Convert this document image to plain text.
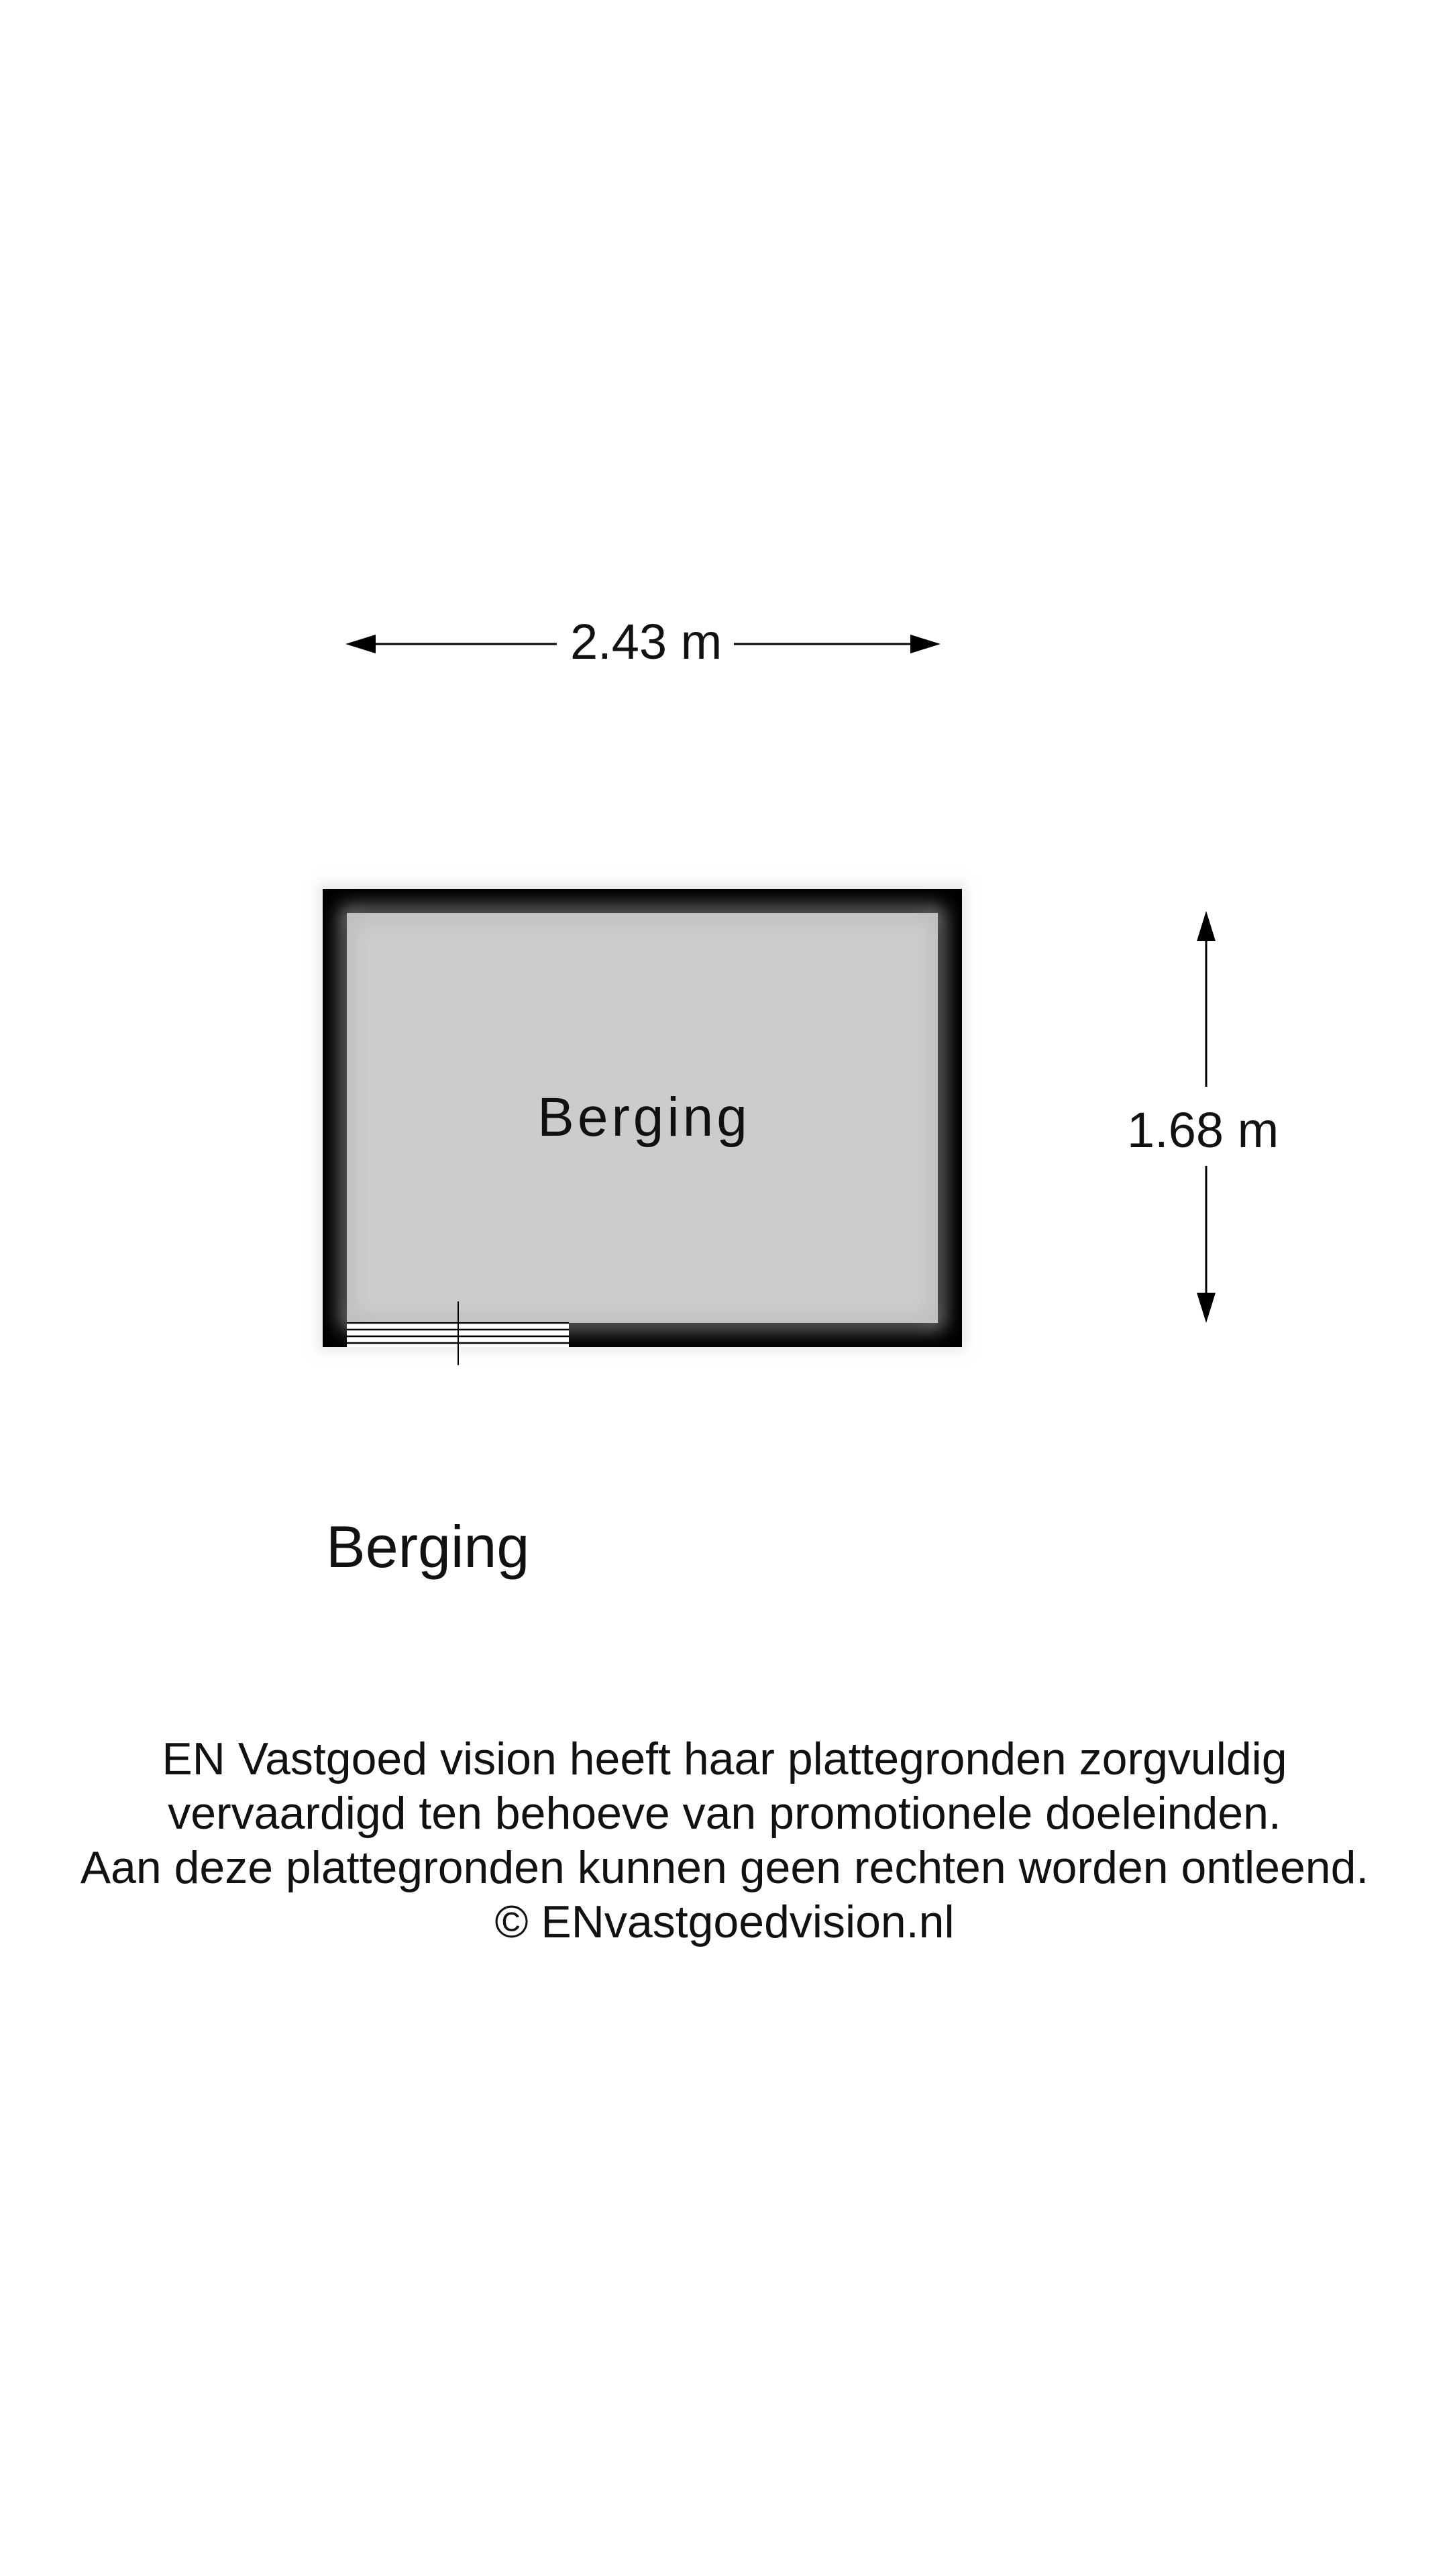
2.43 m
1.68 m
Berging
Berging
EN Vastgoed vision heeft haar plattegronden zorgvuldig
vervaardigd ten behoeve van promotionele doeleinden.
Aan deze plattegronden kunnen geen rechten worden ontleend.
© ENvastgoedvision.nl
